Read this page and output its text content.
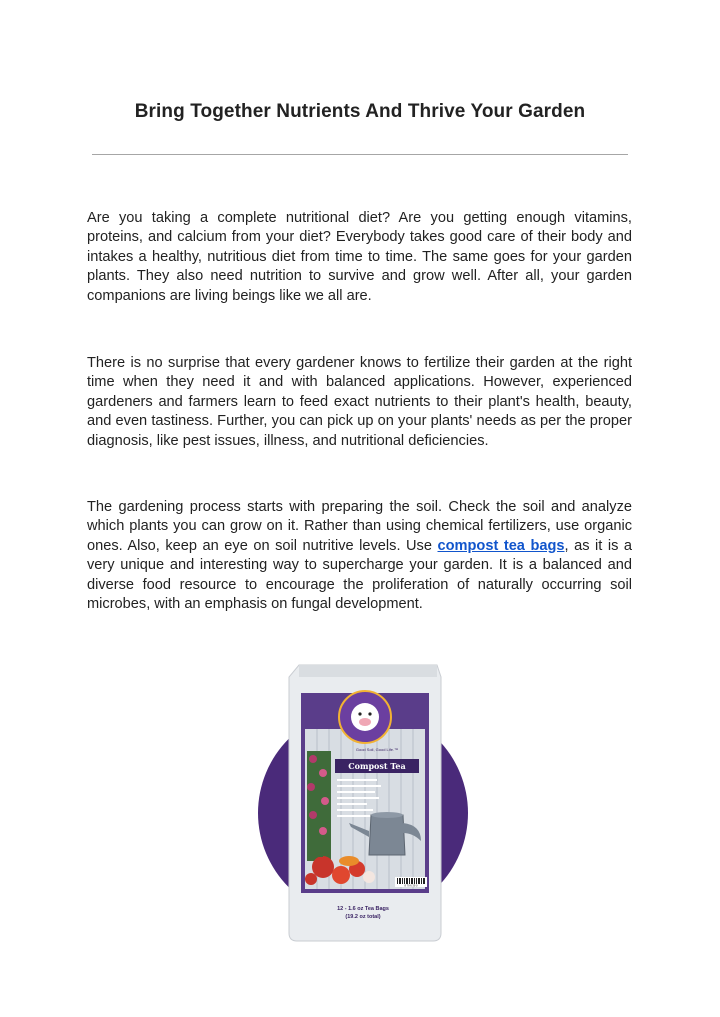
Bring Together Nutrients And Thrive Your Garden

Are you taking a complete nutritional diet? Are you getting enough vitamins, proteins, and calcium from your diet? Everybody takes good care of their body and intakes a healthy, nutritious diet from time to time. The same goes for your garden plants. They also need nutrition to survive and grow well. After all, your garden companions are living beings like we all are.

There is no surprise that every gardener knows to fertilize their garden at the right time when they need it and with balanced applications. However, experienced gardeners and farmers learn to feed exact nutrients to their plant's health, beauty, and even tastiness. Further, you can pick up on your plants' needs as per the proper diagnosis, like pest issues, illness, and nutritional deficiencies.

The gardening process starts with preparing the soil. Check the soil and analyze which plants you can grow on it. Rather than using chemical fertilizers, use organic ones. Also, keep an eye on soil nutritive levels. Use compost tea bags, as it is a very unique and interesting way to supercharge your garden. It is a balanced and diverse food resource to encourage the proliferation of naturally occurring soil microbes, with an emphasis on fungal development.

Compost Tea
Good Soil, Good Life.™
8 79 6 39 0
12 - 1.6 oz Tea Bags
(19.2 oz total)
